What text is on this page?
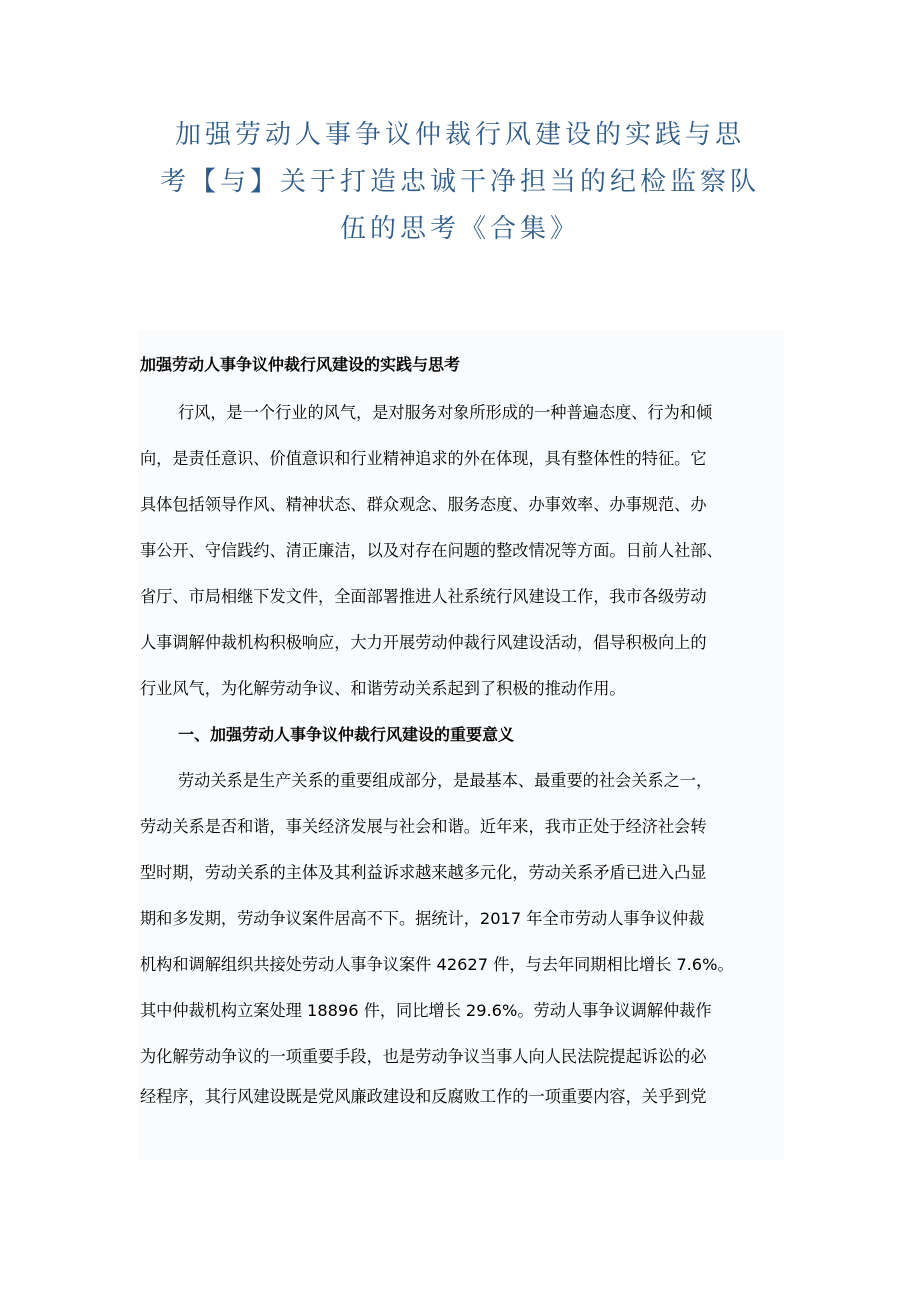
加强劳动人事争议仲裁行风建设的实践与思
考【与】关于打造忠诚干净担当的纪检监察队
伍的思考《合集》
加强劳动人事争议仲裁行风建设的实践与思考
行风，是一个行业的风气，是对服务对象所形成的一种普遍态度、行为和倾
向，是责任意识、价值意识和行业精神追求的外在体现，具有整体性的特征。它
具体包括领导作风、精神状态、群众观念、服务态度、办事效率、办事规范、办
事公开、守信践约、清正廉洁，以及对存在问题的整改情况等方面。日前人社部、
省厅、市局相继下发文件，全面部署推进人社系统行风建设工作，我市各级劳动
人事调解仲裁机构积极响应，大力开展劳动仲裁行风建设活动，倡导积极向上的
行业风气，为化解劳动争议、和谐劳动关系起到了积极的推动作用。
一、加强劳动人事争议仲裁行风建设的重要意义
劳动关系是生产关系的重要组成部分，是最基本、最重要的社会关系之一，
劳动关系是否和谐，事关经济发展与社会和谐。近年来，我市正处于经济社会转
型时期，劳动关系的主体及其利益诉求越来越多元化，劳动关系矛盾已进入凸显
期和多发期，劳动争议案件居高不下。据统计，2017 年全市劳动人事争议仲裁
机构和调解组织共接处劳动人事争议案件 42627 件，与去年同期相比增长 7.6%。
其中仲裁机构立案处理 18896 件，同比增长 29.6%。劳动人事争议调解仲裁作
为化解劳动争议的一项重要手段，也是劳动争议当事人向人民法院提起诉讼的必
经程序，其行风建设既是党风廉政建设和反腐败工作的一项重要内容，关乎到党
